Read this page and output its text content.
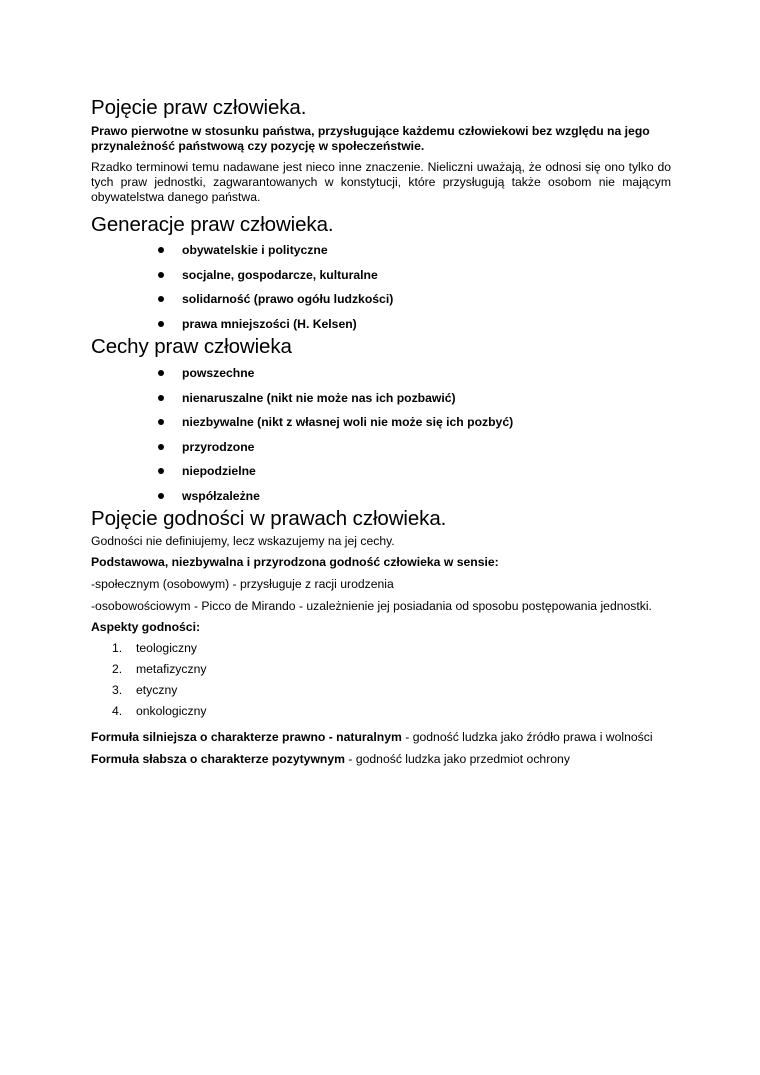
Pojęcie praw człowieka.

Prawo pierwotne w stosunku państwa, przysługujące każdemu człowiekowi bez względu na jego przynależność państwową czy pozycję w społeczeństwie.

Rzadko terminowi temu nadawane jest nieco inne znaczenie. Nieliczni uważają, że odnosi się ono tylko do tych praw jednostki, zagwarantowanych w konstytucji, które przysługują także osobom nie mającym obywatelstwa danego państwa.

Generacje praw człowieka.
obywatelskie i polityczne
socjalne, gospodarcze, kulturalne
solidarność (prawo ogółu ludzkości)
prawa mniejszości (H. Kelsen)
Cechy praw człowieka
powszechne
nienaruszalne (nikt nie może nas ich pozbawić)
niezbywalne (nikt z własnej woli nie może się ich pozbyć)
przyrodzone
niepodzielne
współzależne
Pojęcie godności w prawach człowieka.

Godności nie definiujemy, lecz wskazujemy na jej cechy.

Podstawowa, niezbywalna i przyrodzona godność człowieka w sensie:

-społecznym (osobowym) - przysługuje z racji urodzenia

-osobowościowym - Picco de Mirando - uzależnienie jej posiadania od sposobu postępowania jednostki.

Aspekty godności:

1. teologiczny
2. metafizyczny
3. etyczny
4. onkologiczny

Formuła silniejsza o charakterze prawno - naturalnym - godność ludzka jako źródło prawa i wolności

Formuła słabsza o charakterze pozytywnym - godność ludzka jako przedmiot ochrony
